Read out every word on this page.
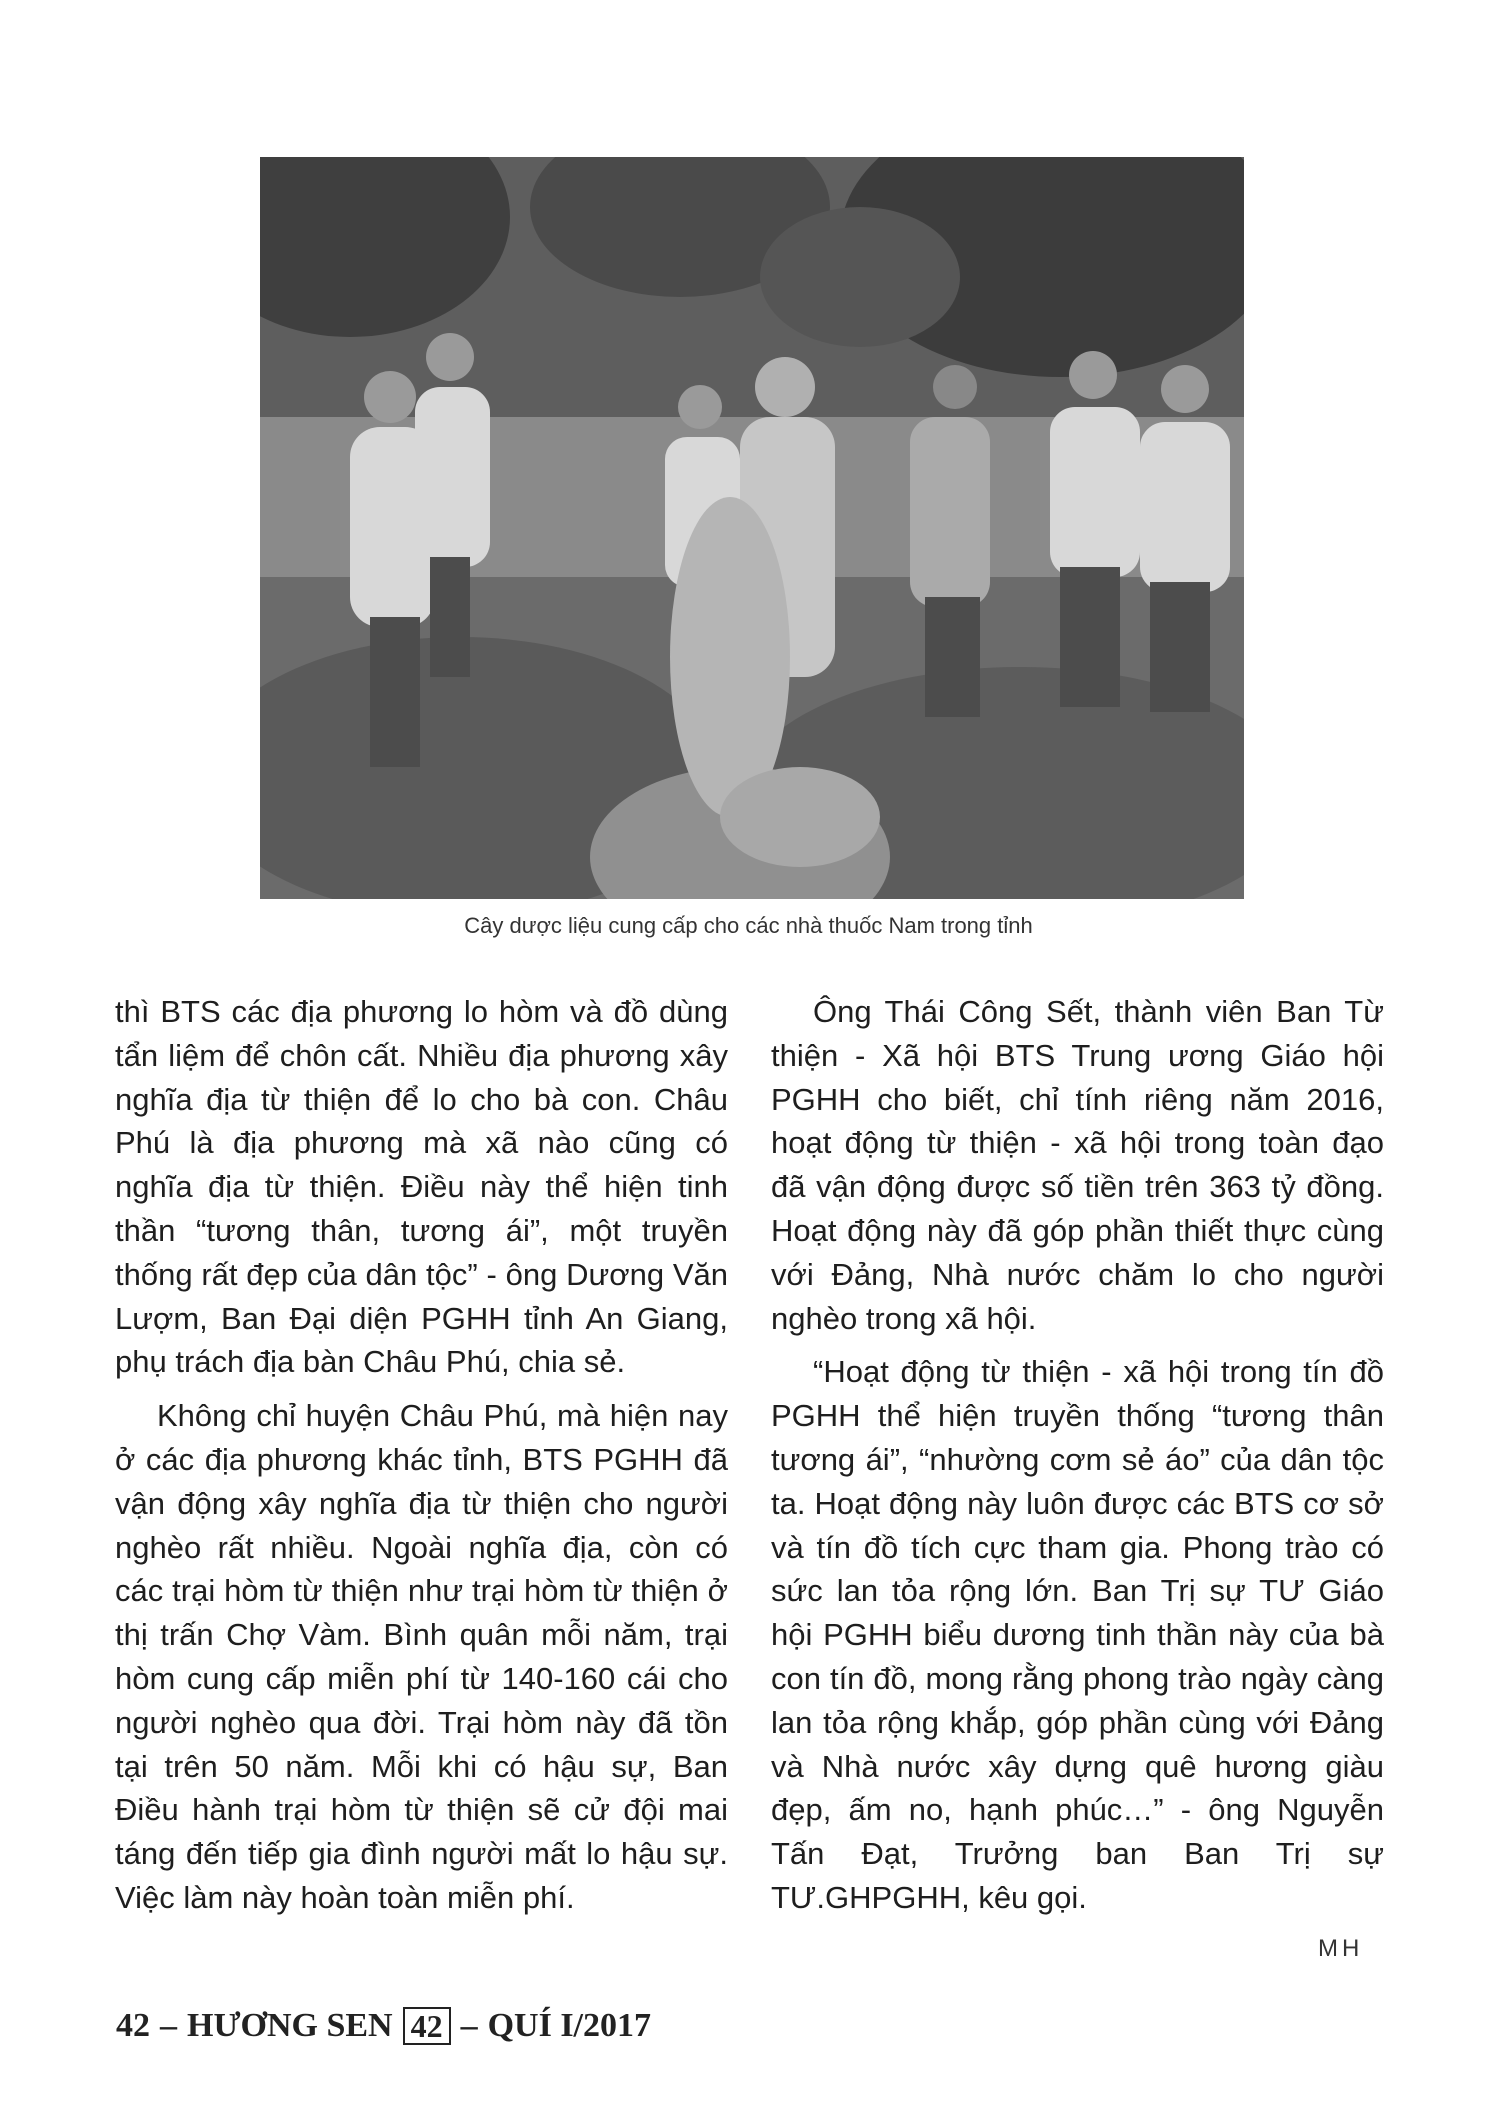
Cây dược liệu cung cấp cho các nhà thuốc Nam trong tỉnh

thì BTS các địa phương lo hòm và đồ dùng tẩn liệm để chôn cất. Nhiều địa phương xây nghĩa địa từ thiện để lo cho bà con. Châu Phú là địa phương mà xã nào cũng có nghĩa địa từ thiện. Điều này thể hiện tinh thần “tương thân, tương ái”, một truyền thống rất đẹp của dân tộc” - ông Dương Văn Lượm, Ban Đại diện PGHH tỉnh An Giang, phụ trách địa bàn Châu Phú, chia sẻ.

Không chỉ huyện Châu Phú, mà hiện nay ở các địa phương khác tỉnh, BTS PGHH đã vận động xây nghĩa địa từ thiện cho người nghèo rất nhiều. Ngoài nghĩa địa, còn có các trại hòm từ thiện như trại hòm từ thiện ở thị trấn Chợ Vàm. Bình quân mỗi năm, trại hòm cung cấp miễn phí từ 140-160 cái cho người nghèo qua đời. Trại hòm này đã tồn tại trên 50 năm. Mỗi khi có hậu sự, Ban Điều hành trại hòm từ thiện sẽ cử đội mai táng đến tiếp gia đình người mất lo hậu sự. Việc làm này hoàn toàn miễn phí.

Ông Thái Công Sết, thành viên Ban Từ thiện - Xã hội BTS Trung ương Giáo hội PGHH cho biết, chỉ tính riêng năm 2016, hoạt động từ thiện - xã hội trong toàn đạo đã vận động được số tiền trên 363 tỷ đồng. Hoạt động này đã góp phần thiết thực cùng với Đảng, Nhà nước chăm lo cho người nghèo trong xã hội.

“Hoạt động từ thiện - xã hội trong tín đồ PGHH thể hiện truyền thống “tương thân tương ái”, “nhường cơm sẻ áo” của dân tộc ta. Hoạt động này luôn được các BTS cơ sở và tín đồ tích cực tham gia. Phong trào có sức lan tỏa rộng lớn. Ban Trị sự TƯ Giáo hội PGHH biểu dương tinh thần này của bà con tín đồ, mong rằng phong trào ngày càng lan tỏa rộng khắp, góp phần cùng với Đảng và Nhà nước xây dựng quê hương giàu đẹp, ấm no, hạnh phúc…” - ông Nguyễn Tấn Đạt, Trưởng ban Ban Trị sự TƯ.GHPGHH, kêu gọi.

MH
42 – HƯƠNG SEN 42 – QUÍ I/2017
